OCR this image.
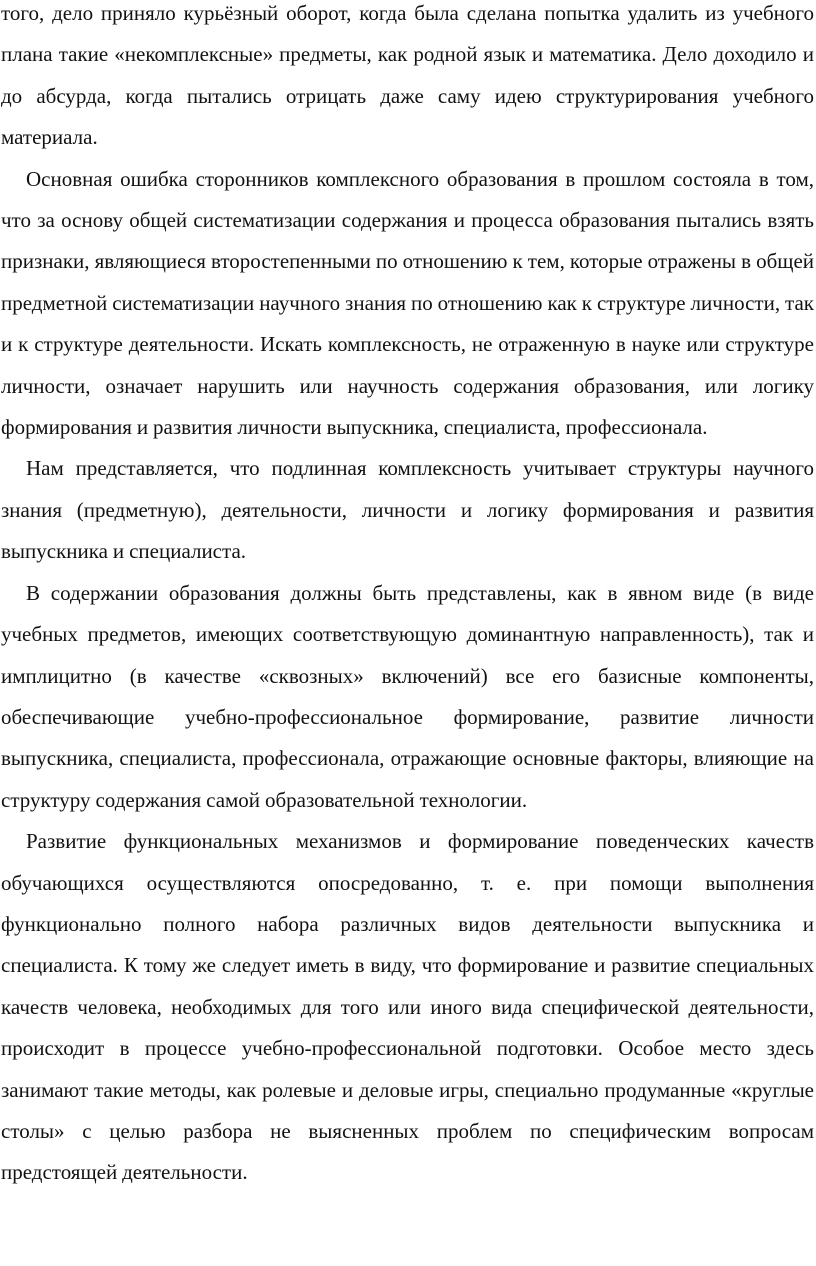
того, дело приняло курьёзный оборот, когда была сделана попытка удалить из учебного плана такие «некомплексные» предметы, как родной язык и математика. Дело доходило и до абсурда, когда пытались отрицать даже саму идею структурирования учебного материала.

Основная ошибка сторонников комплексного образования в прошлом состояла в том, что за основу общей систематизации содержания и процесса образования пытались взять признаки, являющиеся второстепенными по отношению к тем, которые отражены в общей предметной систематизации научного знания по отношению как к структуре личности, так и к структуре деятельности. Искать комплексность, не отраженную в науке или структуре личности, означает нарушить или научность содержания образования, или логику формирования и развития личности выпускника, специалиста, профессионала.

Нам представляется, что подлинная комплексность учитывает структуры научного знания (предметную), деятельности, личности и логику формирования и развития выпускника и специалиста.

В содержании образования должны быть представлены, как в явном виде (в виде учебных предметов, имеющих соответствующую доминантную направленность), так и имплицитно (в качестве «сквозных» включений) все его базисные компоненты, обеспечивающие учебно-профессиональное формирование, развитие личности выпускника, специалиста, профессионала, отражающие основные факторы, влияющие на структуру содержания самой образовательной технологии.

Развитие функциональных механизмов и формирование поведенческих качеств обучающихся осуществляются опосредованно, т. е. при помощи выполнения функционально полного набора различных видов деятельности выпускника и специалиста. К тому же следует иметь в виду, что формирование и развитие специальных качеств человека, необходимых для того или иного вида специфической деятельности, происходит в процессе учебно-профессиональной подготовки. Особое место здесь занимают такие методы, как ролевые и деловые игры, специально продуманные «круглые столы» с целью разбора не выясненных проблем по специфическим вопросам предстоящей деятельности.
